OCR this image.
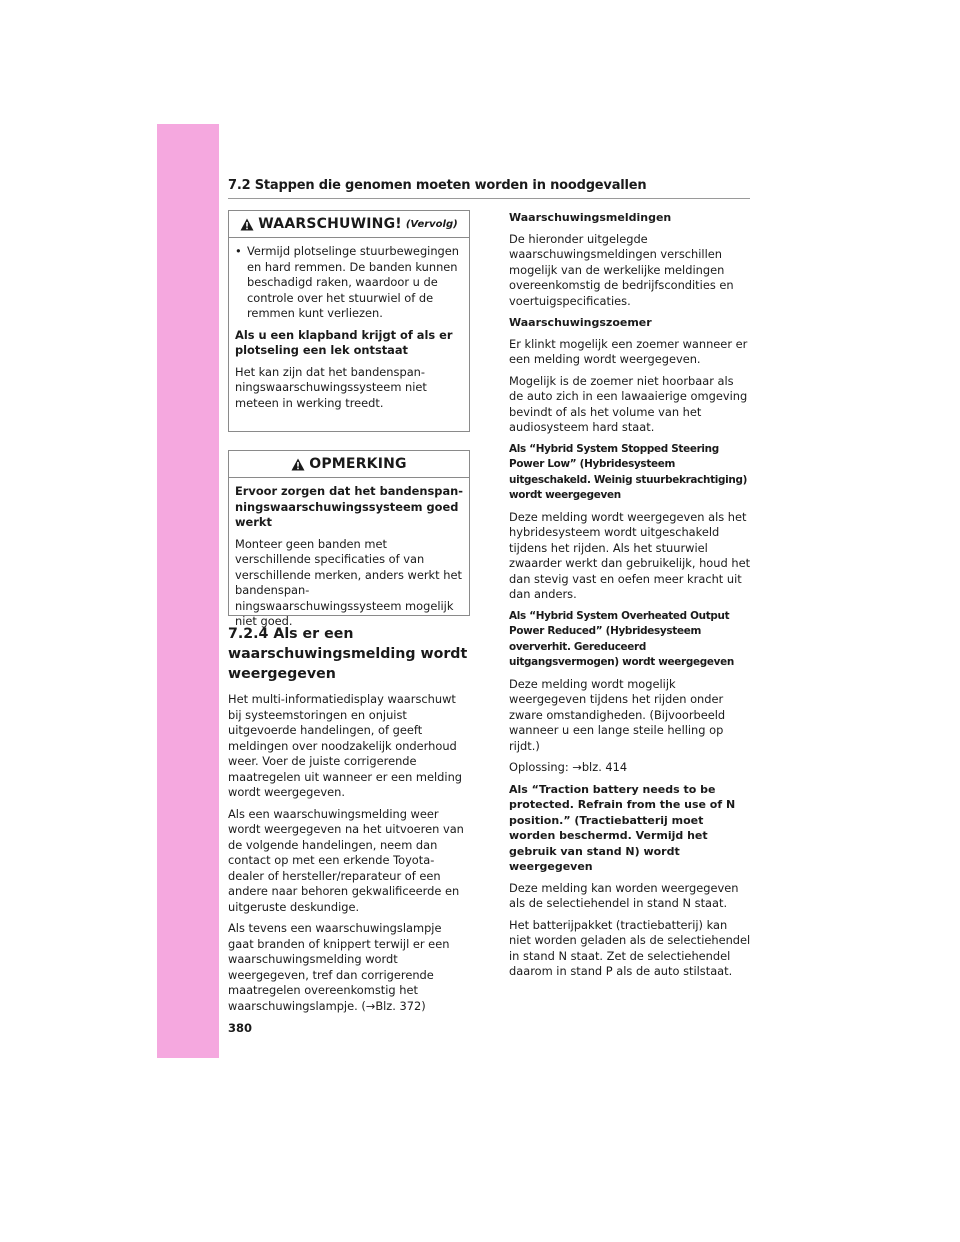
7.2 Stappen die genomen moeten worden in noodgevallen
WAARSCHUWING! (Vervolg)
• Vermijd plotselinge stuurbewegingen en hard remmen. De banden kunnen beschadigd raken, waardoor u de controle over het stuurwiel of de remmen kunt verliezen.

Als u een klapband krijgt of als er plotseling een lek ontstaat

Het kan zijn dat het bandenspan-ningswaarschuwingssysteem niet meteen in werking treedt.

OPMERKING

Ervoor zorgen dat het bandenspan-ningswaarschuwingssysteem goed werkt

Monteer geen banden met verschillende specificaties of van verschillende merken, anders werkt het bandenspan-ningswaarschuwingssysteem mogelijk niet goed.

7.2.4 Als er een waarschuwingsmelding wordt weergegeven

Het multi-informatiedisplay waarschuwt bij systeemstoringen en onjuist uitgevoerde handelingen, of geeft meldingen over noodzakelijk onderhoud weer. Voer de juiste corrigerende maatregelen uit wanneer er een melding wordt weergegeven.

Als een waarschuwingsmelding weer wordt weergegeven na het uitvoeren van de volgende handelingen, neem dan contact op met een erkende Toyota-dealer of hersteller/reparateur of een andere naar behoren gekwalificeerde en uitgeruste deskundige.

Als tevens een waarschuwingslampje gaat branden of knippert terwijl er een waarschuwingsmelding wordt weergegeven, tref dan corrigerende maatregelen overeenkomstig het waarschuwingslampje. (→Blz. 372)

Waarschuwingsmeldingen

De hieronder uitgelegde waarschuwingsmeldingen verschillen mogelijk van de werkelijke meldingen overeenkomstig de bedrijfscondities en voertuigspecificaties.

Waarschuwingszoemer

Er klinkt mogelijk een zoemer wanneer er een melding wordt weergegeven.

Mogelijk is de zoemer niet hoorbaar als de auto zich in een lawaaierige omgeving bevindt of als het volume van het audiosysteem hard staat.

Als “Hybrid System Stopped Steering Power Low” (Hybridesysteem uitgeschakeld. Weinig stuurbekrachtiging) wordt weergegeven

Deze melding wordt weergegeven als het hybridesysteem wordt uitgeschakeld tijdens het rijden. Als het stuurwiel zwaarder werkt dan gebruikelijk, houd het dan stevig vast en oefen meer kracht uit dan anders.

Als “Hybrid System Overheated Output Power Reduced” (Hybridesysteem oververhit. Gereduceerd uitgangsvermogen) wordt weergegeven

Deze melding wordt mogelijk weergegeven tijdens het rijden onder zware omstandigheden. (Bijvoorbeeld wanneer u een lange steile helling op rijdt.)

Oplossing: →blz. 414

Als “Traction battery needs to be protected. Refrain from the use of N position.” (Tractiebatterij moet worden beschermd. Vermijd het gebruik van stand N) wordt weergegeven

Deze melding kan worden weergegeven als de selectiehendel in stand N staat.

Het batterijpakket (tractiebatterij) kan niet worden geladen als de selectiehendel in stand N staat. Zet de selectiehendel daarom in stand P als de auto stilstaat.

380
